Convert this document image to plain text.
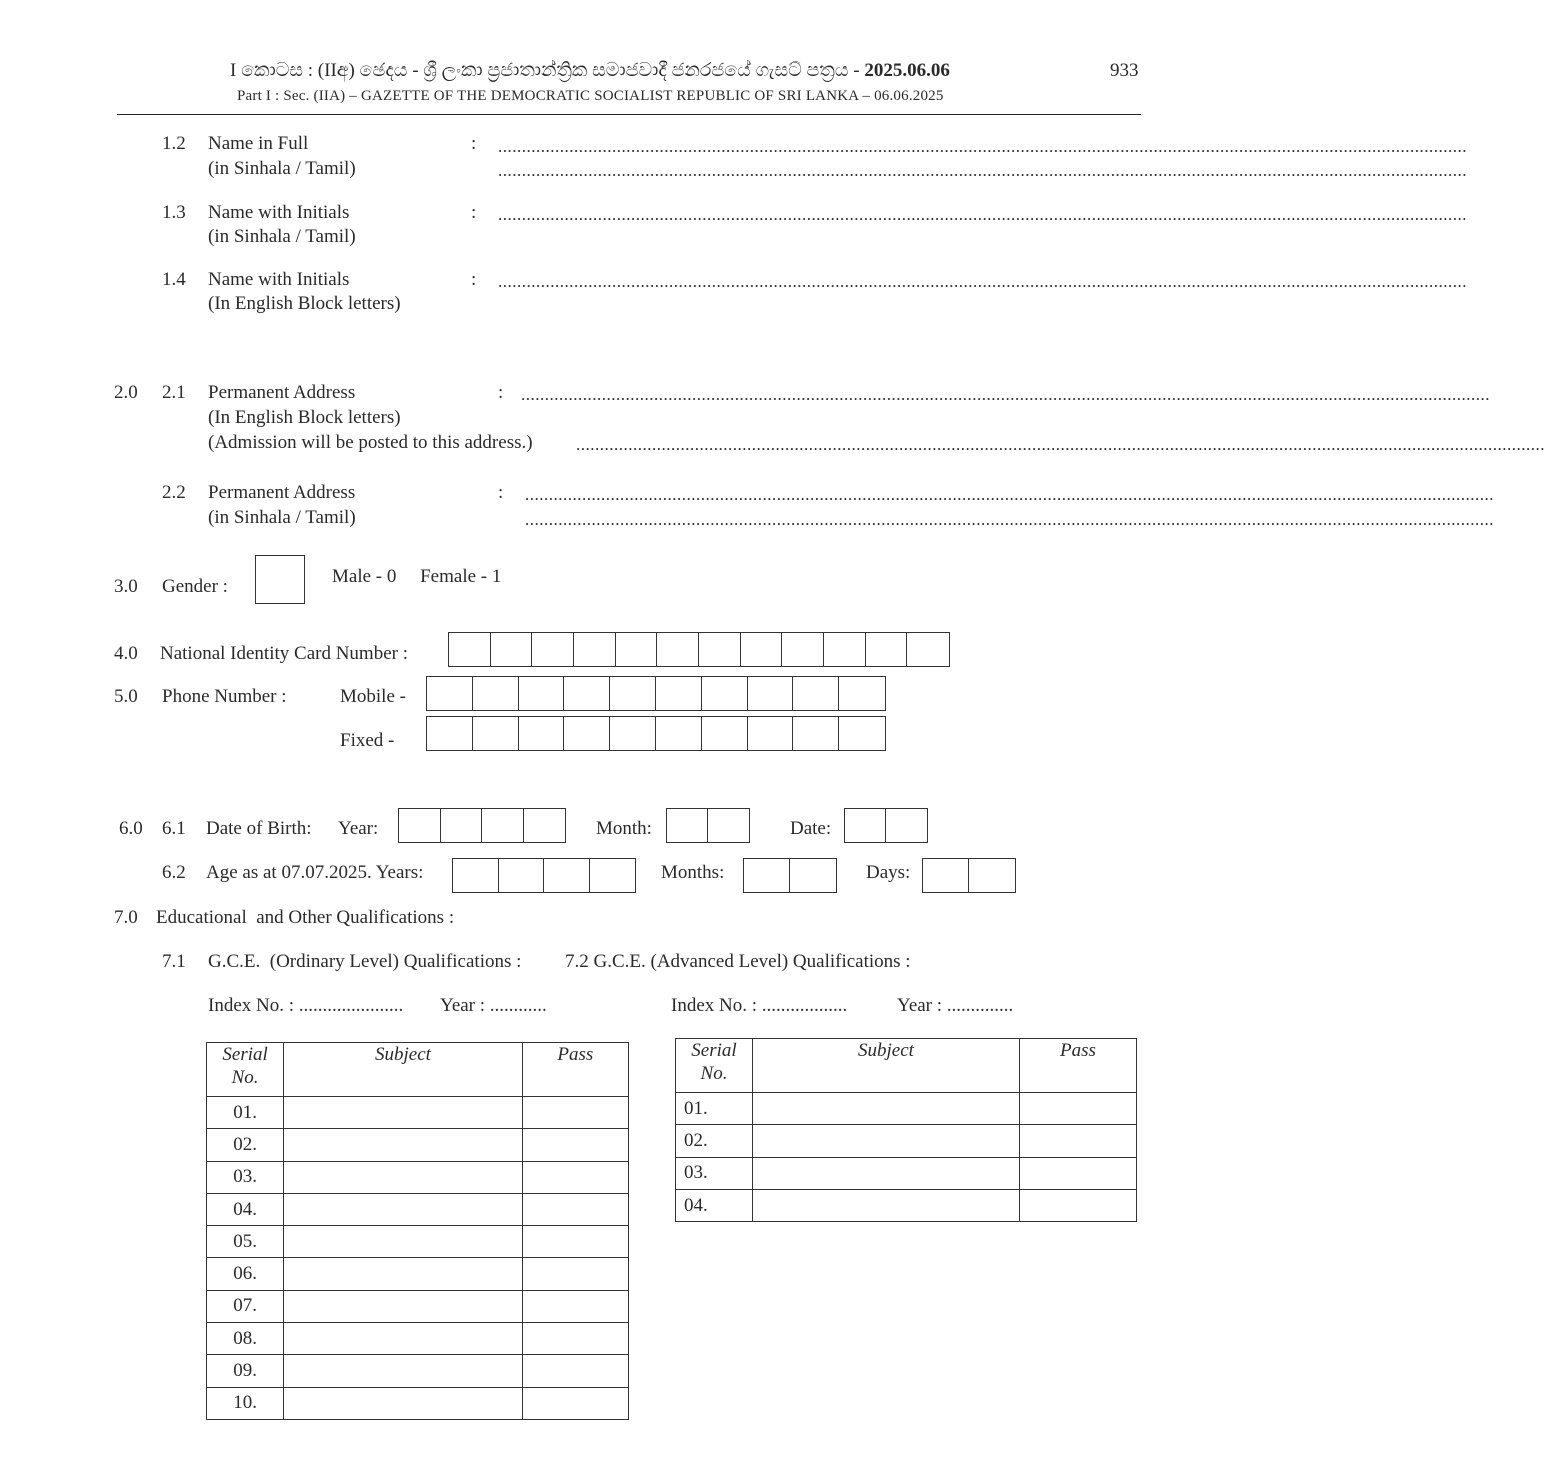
I කොටස : (IIඅ) ඡෙදය - ශ්‍රී ලංකා ප්‍රජාතාන්ත්‍රික සමාජවාදී ජනරජයේ ගැසට් පත්‍රය - 2025.06.06	933
Part I : Sec. (IIA) – GAZETTE OF THE DEMOCRATIC SOCIALIST REPUBLIC OF SRI LANKA – 06.06.2025
1.2 Name in Full
(in Sinhala / Tamil)
: ............................................................................................................................................................................................................
............................................................................................................................................................................................................
1.3 Name with Initials
(in Sinhala / Tamil)
: ............................................................................................................................................................................................................
1.4 Name with Initials
(In English Block letters)
: ............................................................................................................................................................................................................
2.0 2.1 Permanent Address
(In English Block letters)
(Admission will be posted to this address.)
: ............................................................................................................................................................................................................
............................................................................................................................................................................................................
2.2 Permanent Address
(in Sinhala / Tamil)
: ............................................................................................................................................................................................................
............................................................................................................................................................................................................
3.0 Gender :	Male - 0     Female - 1
4.0 National Identity Card Number :
5.0 Phone Number :	Mobile -
Fixed -
6.0 6.1 Date of Birth: Year:	Month:	Date:
6.2 Age as at 07.07.2025. Years:	Months:	Days:
7.0 Educational  and Other Qualifications :
7.1 G.C.E.  (Ordinary Level) Qualifications : 7.2 G.C.E. (Advanced Level) Qualifications :
Index No. : ...................... Year : ............	Index No. : ..................	Year : ..............
Serial No.	Subject	Pass
01.		
02.		
03.		
04.		
05.		
06.		
07.		
08.		
09.		
10.		
Serial No.	Subject	Pass
01.		
02.		
03.		
04.		
